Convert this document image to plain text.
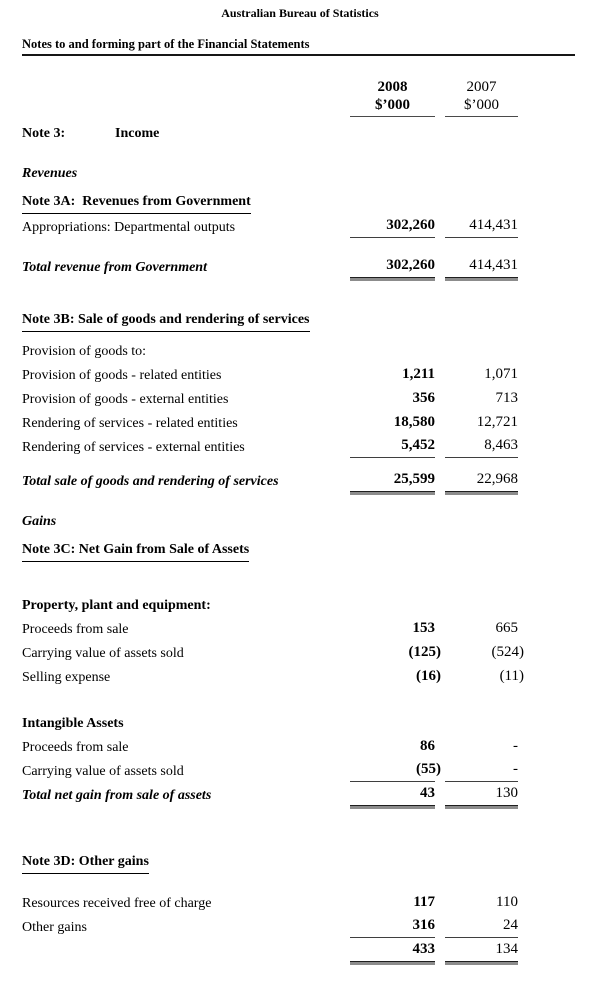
Australian Bureau of Statistics
Notes to and forming part of the Financial Statements
2008
$’000
2007
$’000
Note 3:	Income
Revenues
Note 3A:  Revenues from Government
Appropriations: Departmental outputs	302,260	414,431
Total revenue from Government	302,260	414,431
Note 3B: Sale of goods and rendering of services
Provision of goods to:
Provision of goods - related entities	1,211	1,071
Provision of goods - external entities	356	713
Rendering of services - related entities	18,580	12,721
Rendering of services - external entities	5,452	8,463
Total sale of goods and rendering of services	25,599	22,968
Gains
Note 3C: Net Gain from Sale of Assets
Property, plant and equipment:
Proceeds from sale	153	665
Carrying value of assets sold	(125)	(524)
Selling expense	(16)	(11)
Intangible Assets
Proceeds from sale	86	-
Carrying value of assets sold	(55)	-
Total net gain from sale of assets	43	130
Note 3D: Other gains
Resources received free of charge	117	110
Other gains	316	24
433	134
